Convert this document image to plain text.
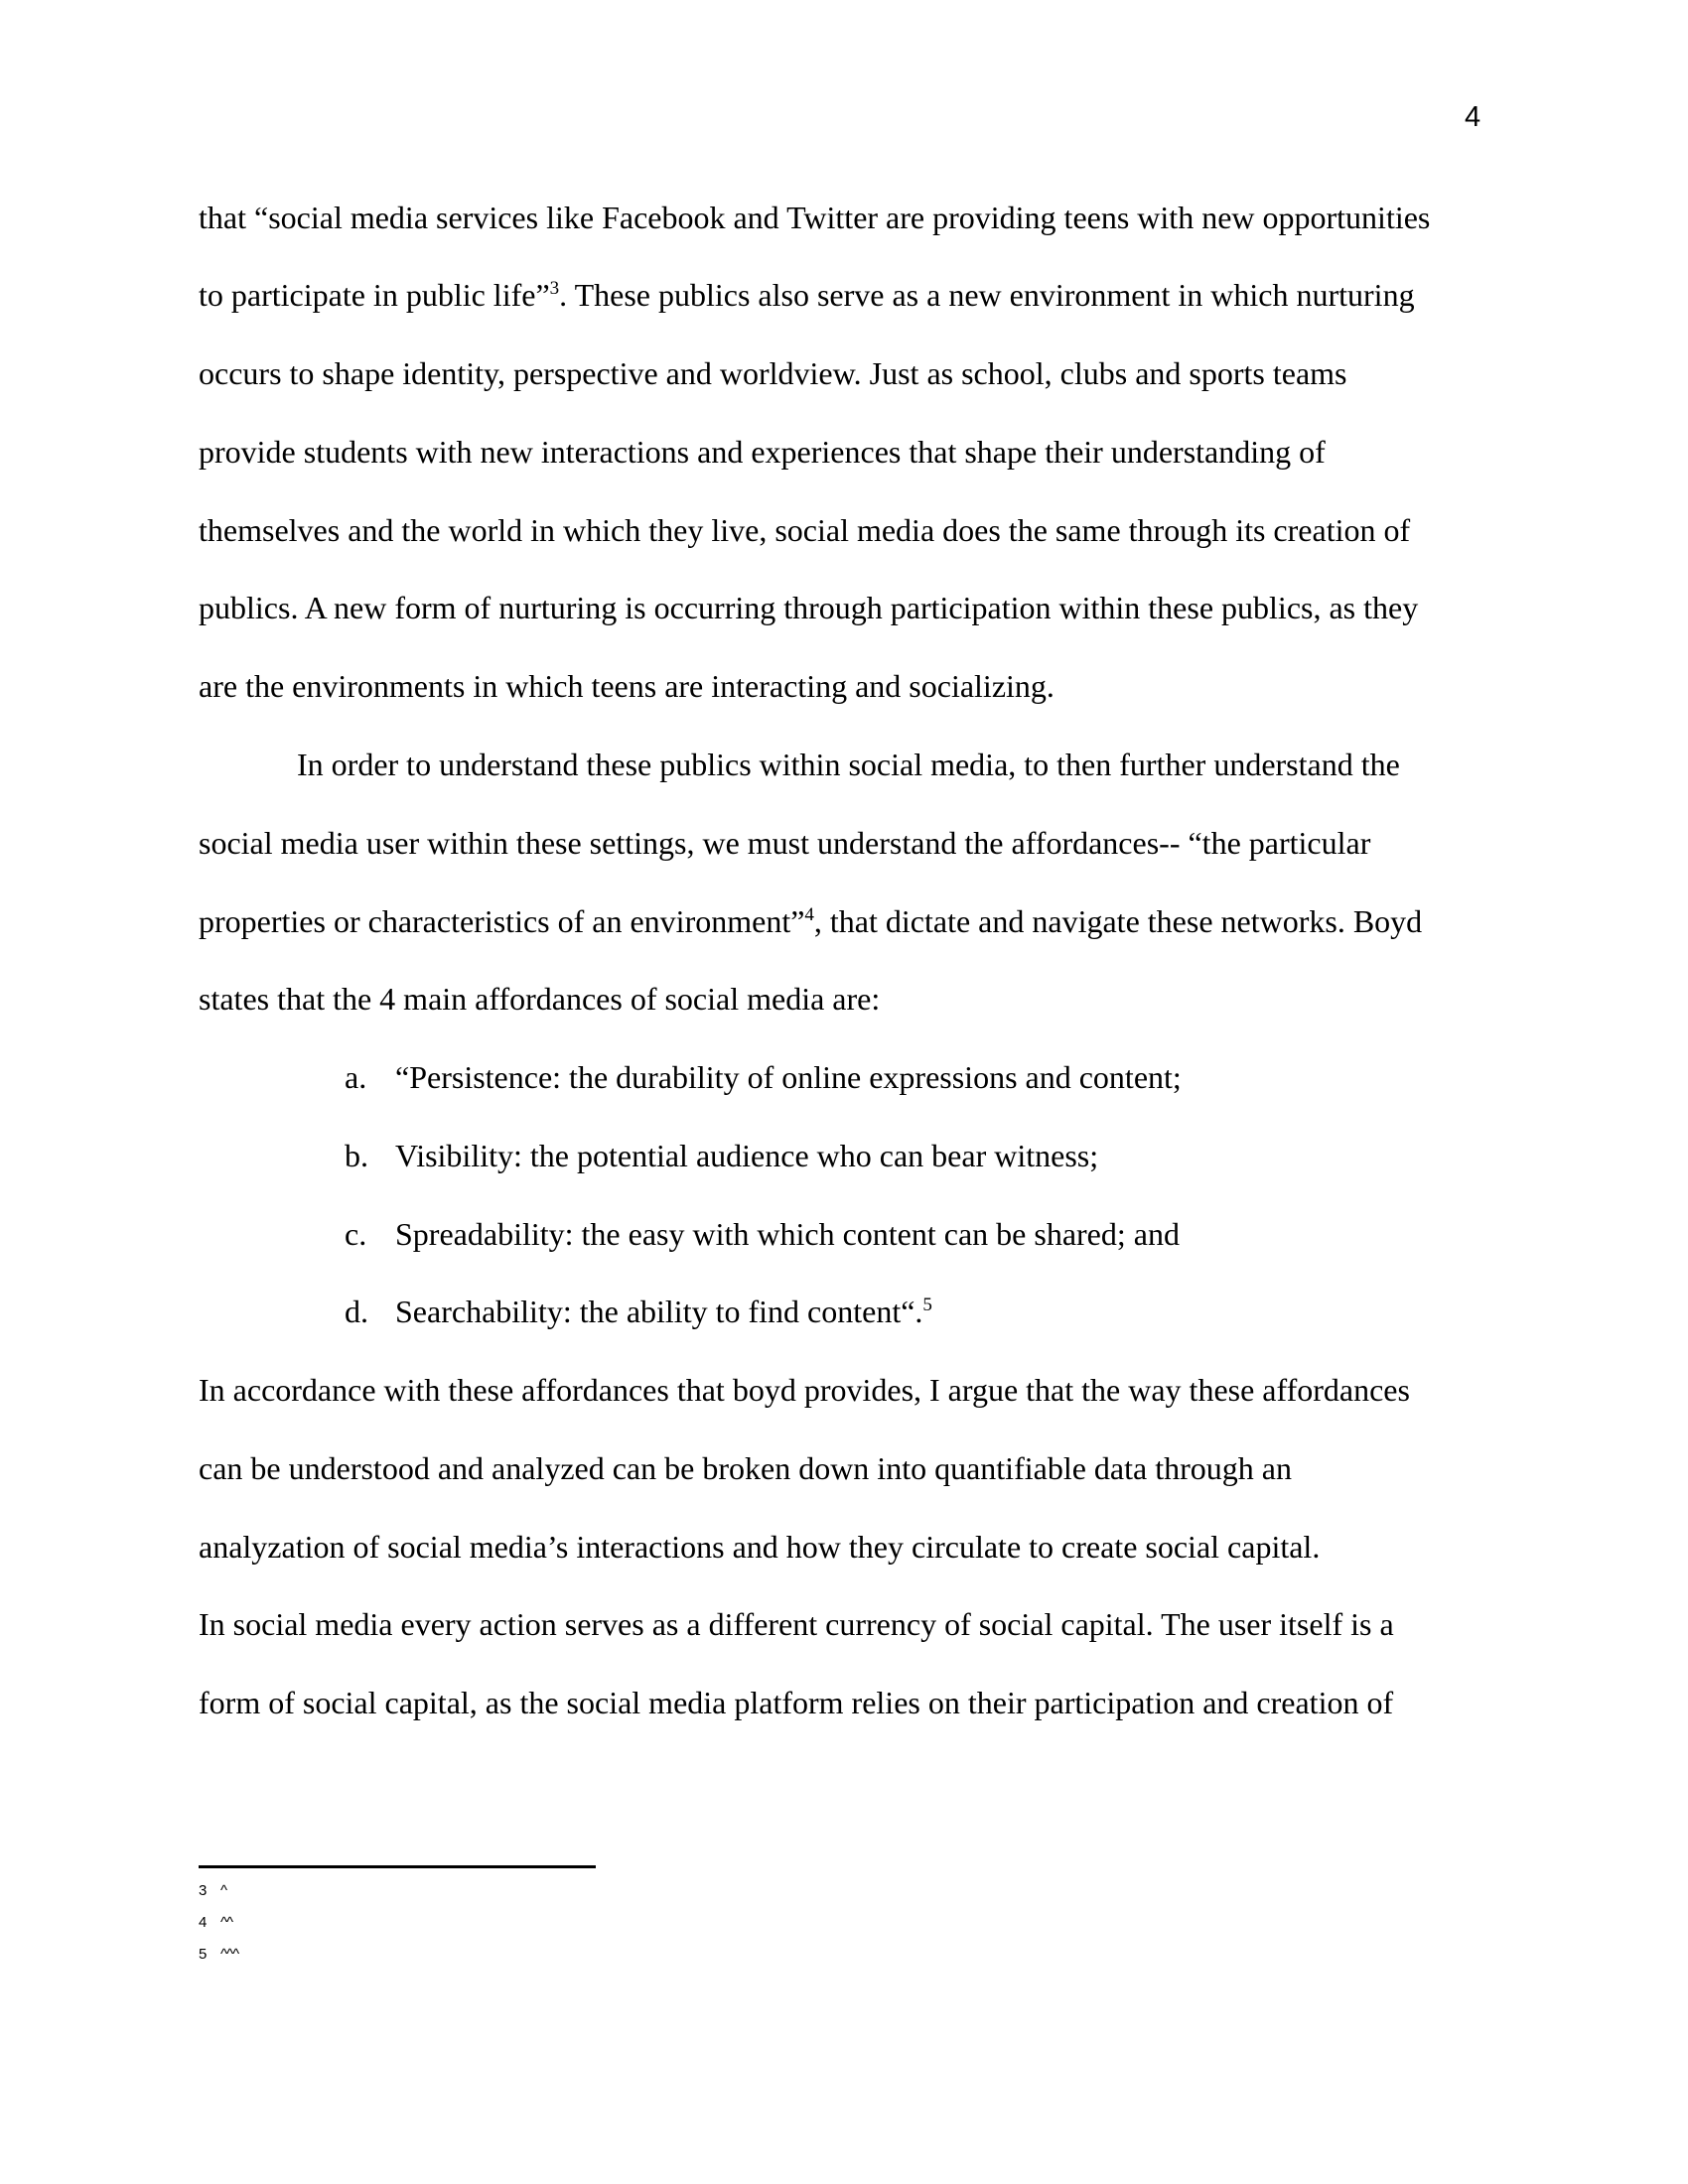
4
that “social media services like Facebook and Twitter are providing teens with new opportunities
to participate in public life”$^3$. These publics also serve as a new environment in which nurturing
occurs to shape identity, perspective and worldview. Just as school, clubs and sports teams
provide students with new interactions and experiences that shape their understanding of
themselves and the world in which they live, social media does the same through its creation of
publics. A new form of nurturing is occurring through participation within these publics, as they
are the environments in which teens are interacting and socializing.
In order to understand these publics within social media, to then further understand the
social media user within these settings, we must understand the affordances-- “the particular
properties or characteristics of an environment”$^4$, that dictate and navigate these networks. Boyd
states that the 4 main affordances of social media are:
a. “Persistence: the durability of online expressions and content;
b. Visibility: the potential audience who can bear witness;
c. Spreadability: the easy with which content can be shared; and
d. Searchability: the ability to find content“.$^5$
In accordance with these affordances that boyd provides, I argue that the way these affordances
can be understood and analyzed can be broken down into quantifiable data through an
analyzation of social media’s interactions and how they circulate to create social capital.
In social media every action serves as a different currency of social capital. The user itself is a
form of social capital, as the social media platform relies on their participation and creation of
3 ^
4 ^^
5 ^^^
